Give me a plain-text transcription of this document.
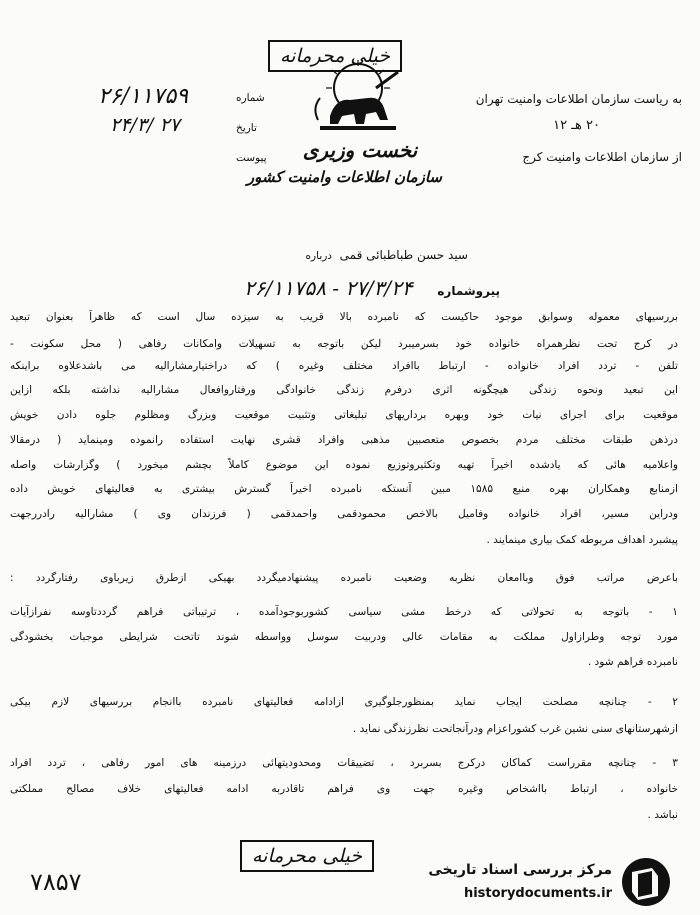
خیلی محرمانه
نخست وزیری
سازمان اطلاعات وامنیت کشور
شماره
۲۶/۱۱۷۵۹
تاریخ
۲۴/۳/ ۲۷
پیوست
به ریاست سازمان اطلاعات وامنیت تهران
۲۰ هـ ۱۲
از سازمان اطلاعات وامنیت کرج
درباره سید حسن طباطبائی قمی
پیروشماره
۲۶/۱۱۷۵۸ - ۲۷/۳/۲۴
بررسیهای معموله وسوابق موجود حاکیست که نامبرده بالا قریب به سیزده سال است که ظاهراً بعنوان تبعید
در کرج تحت نظرهمراه خانواده خود بسرمیبرد لیکن باتوجه به تسهیلات وامکانات رفاهی ( محل سکونت -
تلفن - تردد افراد خانواده - ارتباط باافراد مختلف وغیره ) که دراختیارمشارالیه می باشدعلاوه براینکه
این تبعید ونحوه زندگی هیچگونه اثری درفرم زندگی خانوادگی ورفتاروافعال مشارالیه نداشته بلکه ازاین
موقعیت برای اجرای نیات خود وبهره برداریهای تبلیغاتی وتثبیت موقعیت وبزرگ ومظلوم جلوه دادن خویش
درذهن طبقات مختلف مردم بخصوص متعصبین مذهبی وافراد قشری نهایت استفاده رانموده ومینماید ( درمقالا
واعلامیه هائی که یادشده اخیراً تهیه وتکثیروتوزیع نموده این موضوع کاملاً بچشم میخورد ) وگزارشات واصله
ازمنابع وهمکاران بهره منبع ۱۵۸۵ مبین آنستکه نامبرده اخیراً گسترش بیشتری به فعالیتهای خویش داده
ودراین مسیر، افراد خانواده وفامیل بالاخص محمودقمی واحمدقمی ( فرزندان وی ) مشارالیه رادررجهت
پیشبرد اهداف مربوطه کمک بیاری مینمایند .
باعرض مراتب فوق وباامعان نظربه وضعیت نامبرده پیشنهادمیگردد بهیکی ازطرق زیرباوی رفتارگردد :
۱ - باتوجه به تحولاتی که درخط مشی سیاسی کشوربوجودآمده ، ترتیباتی فراهم گرددتاوسه نفرازآیات
مورد توجه وطرازاول مملکت به مقامات عالی ودربیت سوسل وواسطه شوند تاتحت شرایطی موجبات بخشودگی
نامبرده فراهم شود .
۲ - چنانچه مصلحت ایجاب نماید بمنظورجلوگیری ازادامه فعالیتهای نامبرده باانجام بررسیهای لازم بیکی
ازشهرستانهای سنی نشین غرب کشوراعزام ودرآنجاتحت نظرزندگی نماید .
۳ - چنانچه مقرراست کماکان درکرج بسربرد ، تضییقات ومحدودیتهائی درزمینه های امور رفاهی ، تردد افراد
خانواده ، ارتباط بااشخاص وغیره جهت وی فراهم تاقادربه ادامه فعالیتهای خلاف مصالح مملکتی
نباشد .
خیلی محرمانه
۷۸۵۷	مرکز بررسی اسناد تاریخی
historydocuments.ir
